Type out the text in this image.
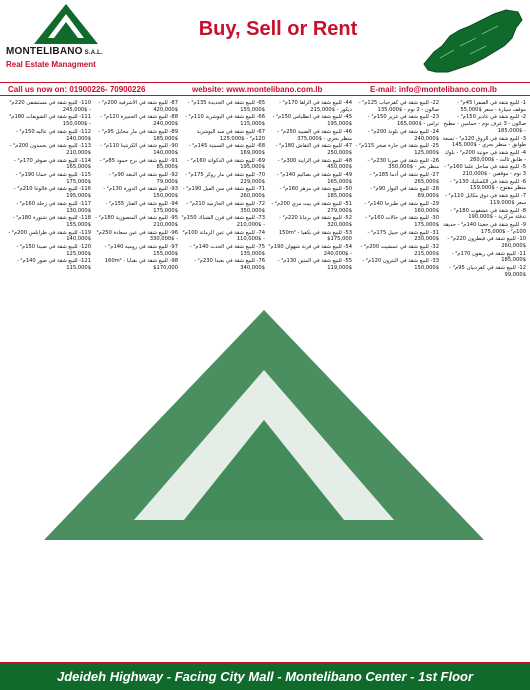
MONTELIBANO S.A.L.
Real Estate Managment
Buy, Sell or Rent
Call us now on: 01900226- 70900226	website: www.montelibano.com.lb	E-mail: info@montelibano.com.lb

1- للبيع شقة في الصفرا 45م² - موقف سيارة - سعر $55,000

2- للبيع شقة في غادير 150م² - صالون - 3 غرف نوم - حمامين - مطبخ - $185,000

3- للبيع شقة في الزوق 120م² - تسعة طوابق - منظر بحري - $145,000

4- للبيع شقة في جونية 200م² - بلوك - طابق ثالث - $280,000

5- للبيع شقة في ساحل علما 160م² - 3 نوم - موقفين - $210,000

6- للبيع شقة في الكسليك 130م² - منظر مفتوح - $159,000

7- للبيع شقة في ذوق مكايل 110م² - سعر $119,000

8- للبيع شقة في عشقوت 180م² - تدفئة مركزية - $190,000

9- للبيع شقة في جعيتا 140م² - حديقة 100م² - $175,000

10- للبيع شقة في فيطرون 220م² - $260,000

11- للبيع شقة في ريفون 170م² - $185,000

12- للبيع شقة في كفرذبيان 95م² - $99,000

22- للبيع شقة في كفرحباب 125م² - صالون - 2 نوم - $135,000

23- للبيع شقة في غزير 150م² - تراس - $165,000

24- للبيع شقة في بلونة 200م² - $240,000

25- للبيع شقة في حارة صخر 115م² - $125,000

26- للبيع شقة في صربا 230م² - منظر بحر - $350,000

27- للبيع شقة في أدما 185م² - $265,000

28- للبيع شقة في البوار 90م² - $89,000

29- للبيع شقة في طبرجا 140م² - $160,000

30- للبيع شقة في حالات 160م² - $175,000

31- للبيع شقة في جبيل 175م² - $230,000

32- للبيع شقة في عمشيت 200م² - $215,000

33- للبيع شقة في البترون 120م² - $150,000

44- للبيع شقة في الزلقا 170م² - ديكور - $215,000

45- للبيع شقة في انطلياس 150م² - $195,000

46- للبيع شقة في الضبية 250م² - منظر بحري - $375,000

47- للبيع شقة في النقاش 180م² - $250,000

48- للبيع شقة في الرابية 300م² - $450,000

49- للبيع شقة في بصاليم 140م² - $165,000

50- للبيع شقة في مزهر 160م² - $185,000

51- للبيع شقة في بيت مري 200م² - $279,000

52- للبيع شقة في برمانا 220م² - $320,000

53- للبيع شقة في بكفيا 150m² - $175,000

54- للبيع شقة في قرنة شهوان 190م² - $240,000

55- للبيع شقة في المتين 130م² - $119,000

65- للبيع شقة في الجديدة 135م² - $155,000

66- للبيع شقة في البوشرية 110م² - $115,000

67- للبيع شقة في سد البوشرية 120م² - $125,000

68- للبيع شقة في السبتية 145م² - $169,000

69- للبيع شقة في الدكوانة 160م² - $195,000

70- للبيع شقة في مار روكز 175م² - $229,000

71- للبيع شقة في سن الفيل 190م² - $260,000

72- للبيع شقة في الحازمية 210م² - $350,000

73- للبيع شقة في فرن الشباك 150م² - $210,000

74- للبيع شقة في عين الرمانة 100م² - $110,000

75- للبيع شقة في الحدث 140م² - $135,000

76- للبيع شقة في بعبدا 230م² - $340,000

87- للبيع شقة في الاشرفية 200م² - $420,000

88- للبيع شقة في الجميزة 120م² - $240,000

89- للبيع شقة في مار مخايل 95م² - $185,000

90- للبيع شقة في الكرنتينا 110م² - $140,000

91- للبيع شقة في برج حمود 85م² - $85,000

92- للبيع شقة في النبعة 90م² - $79,000

93- للبيع شقة في الدورة 130م² - $150,000

94- للبيع شقة في الفنار 155م² - $175,000

95- للبيع شقة في المنصورية 180م² - $210,000

96- للبيع شقة في عين سعادة 250م² - $330,000

97- للبيع شقة في روميه 140م² - $155,000

98- للبيع شقة في بقنايا 160m² - $170,000

110- للبيع شقة في مستشفى 220م² - $245,000

111- للبيع شقة في الشويفات 180م² - $150,000

112- للبيع شقة في عاليه 150م² - $140,000

113- للبيع شقة في بحمدون 200م² - $210,000

114- للبيع شقة في صوفر 170م² - $165,000

115- للبيع شقة في حمانا 190م² - $175,000

116- للبيع شقة في فالوغا 210م² - $195,000

117- للبيع شقة في زحلة 160م² - $130,000

118- للبيع شقة في شتورة 180م² - $155,000

119- للبيع شقة في طرابلس 200م² - $140,000

120- للبيع شقة في صيدا 150م² - $125,000

121- للبيع شقة في صور 140م² - $115,000

Jdeideh Highway - Facing City Mall - Montelibano Center - 1st Floor
